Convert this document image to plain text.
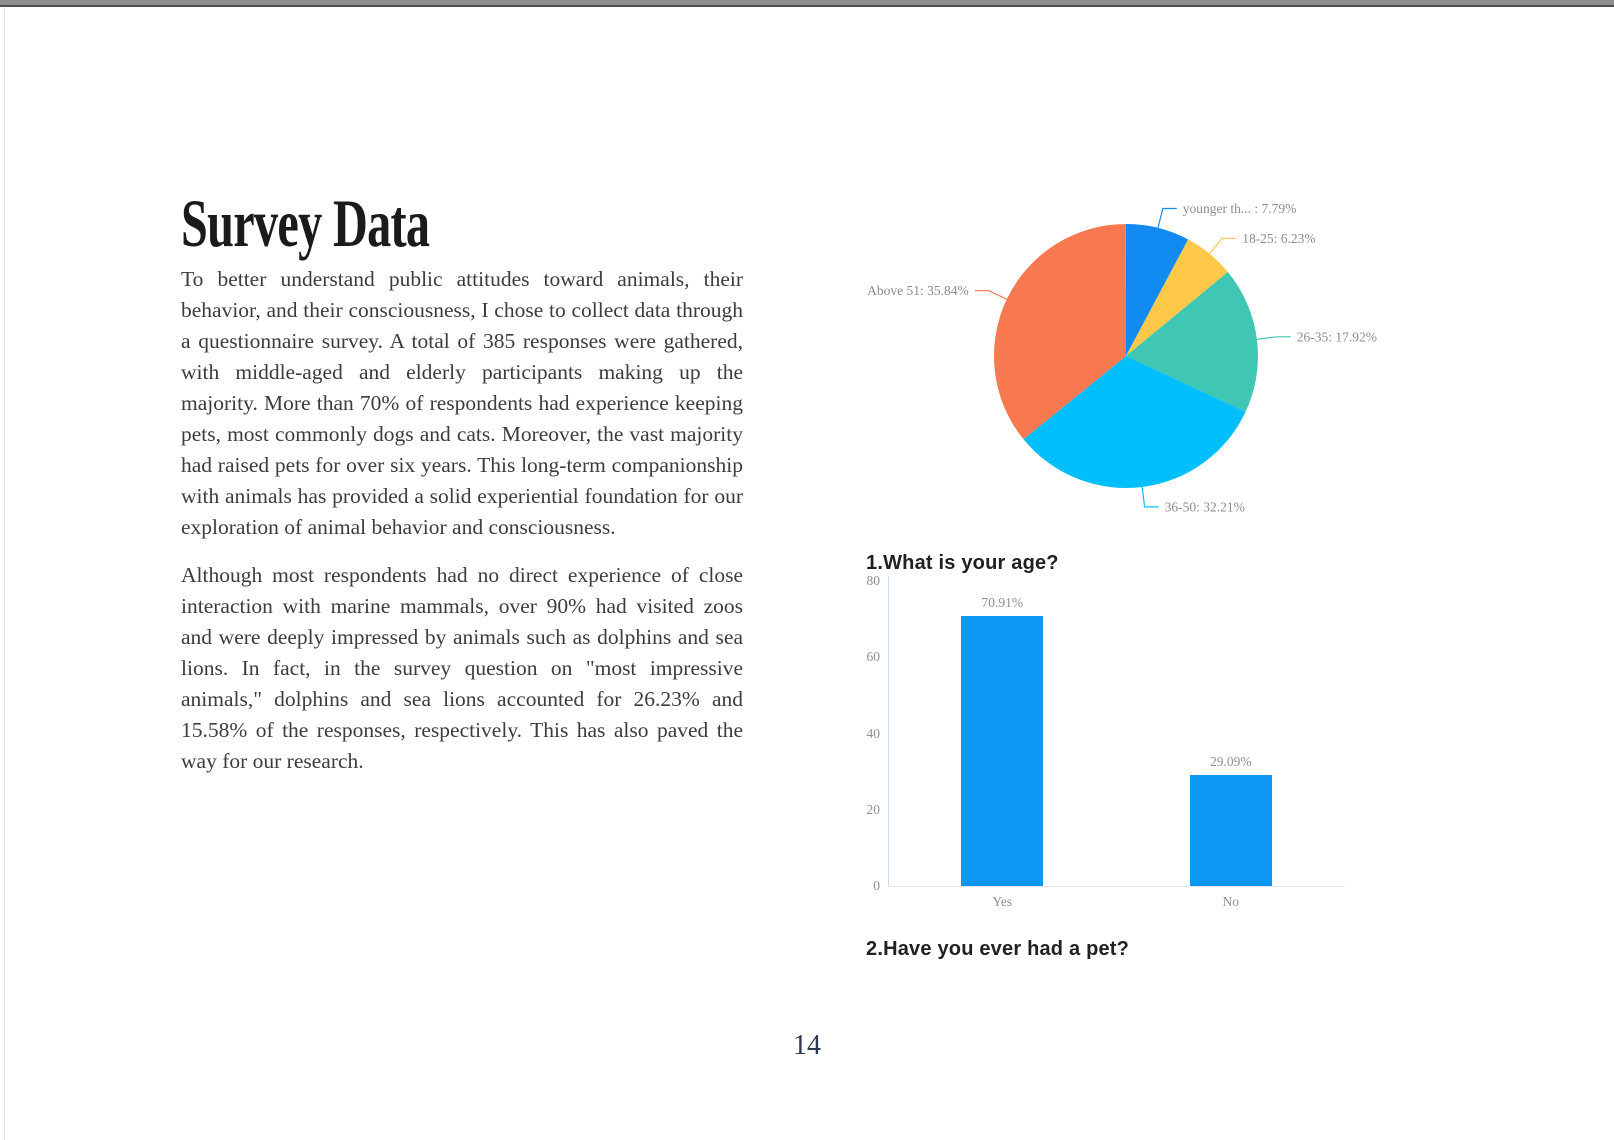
Survey Data

To better understand public attitudes toward animals, their behavior, and their consciousness, I chose to collect data through a questionnaire survey. A total of 385 responses were gathered, with middle-aged and elderly participants making up the majority. More than 70% of respondents had experience keeping pets, most commonly dogs and cats. Moreover, the vast majority had raised pets for over six years. This long-term companionship with animals has provided a solid experiential foundation for our exploration of animal behavior and consciousness.

Although most respondents had no direct experience of close interaction with marine mammals, over 90% had visited zoos and were deeply impressed by animals such as dolphins and sea lions. In fact, in the survey question on "most impressive animals," dolphins and sea lions accounted for 26.23% and 15.58% of the responses, respectively. This has also paved the way for our research.

younger th... : 7.79%
18-25: 6.23%
26-35: 17.92%
36-50: 32.21%
Above 51: 35.84%
1.What is your age?
0
20
40
60
80
70.91%
Yes
29.09%
No
2.Have you ever had a pet?
14
